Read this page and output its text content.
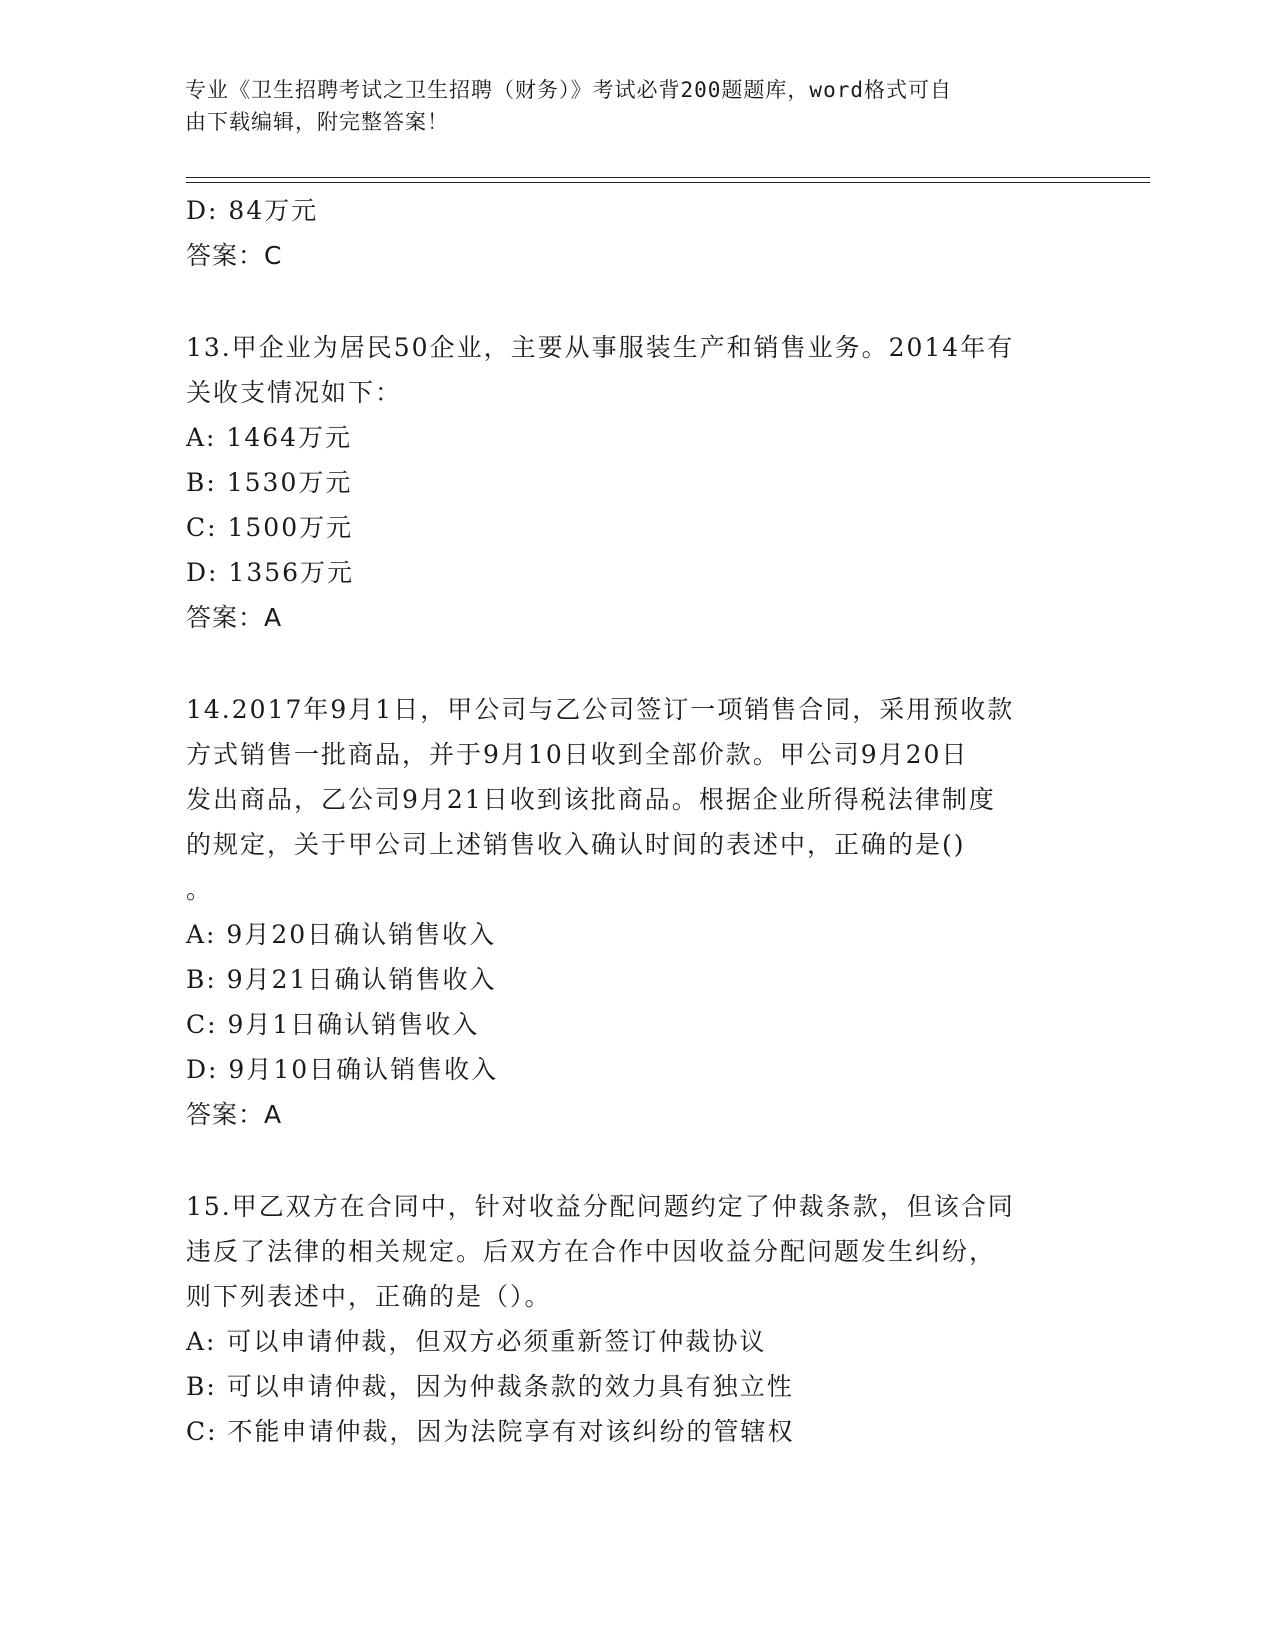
专业《卫生招聘考试之卫生招聘（财务）》考试必背200题题库，word格式可自
由下载编辑，附完整答案！
D: 84万元
答案：C
13.甲企业为居民50企业，主要从事服装生产和销售业务。2014年有
关收支情况如下：
A: 1464万元
B: 1530万元
C: 1500万元
D: 1356万元
答案：A
14.2017年9月1日，甲公司与乙公司签订一项销售合同，采用预收款
方式销售一批商品，并于9月10日收到全部价款。甲公司9月20日
发出商品，乙公司9月21日收到该批商品。根据企业所得税法律制度
的规定，关于甲公司上述销售收入确认时间的表述中，正确的是()
。
A: 9月20日确认销售收入
B: 9月21日确认销售收入
C: 9月1日确认销售收入
D: 9月10日确认销售收入
答案：A
15.甲乙双方在合同中，针对收益分配问题约定了仲裁条款，但该合同
违反了法律的相关规定。后双方在合作中因收益分配问题发生纠纷，
则下列表述中，正确的是（）。
A: 可以申请仲裁，但双方必须重新签订仲裁协议
B: 可以申请仲裁，因为仲裁条款的效力具有独立性
C: 不能申请仲裁，因为法院享有对该纠纷的管辖权
